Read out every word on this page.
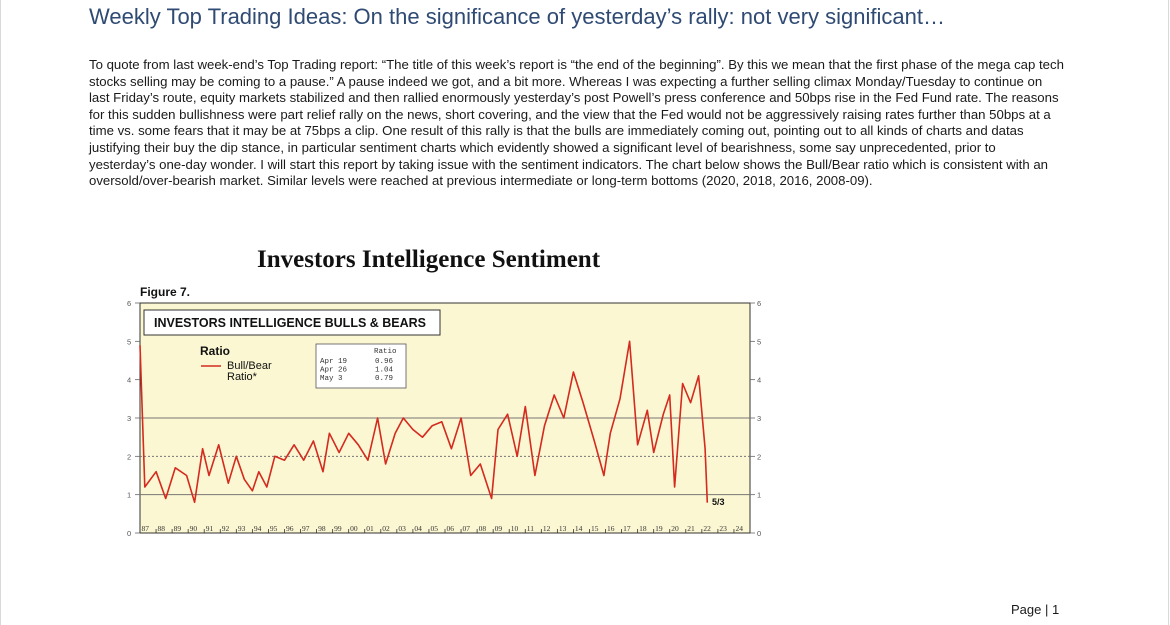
Weekly Top Trading Ideas: On the significance of yesterday’s rally: not very significant…
To quote from last week-end’s Top Trading report: “The title of this week’s report is “the end of the beginning”. By this we mean that the first phase of the mega cap tech stocks selling may be coming to a pause.” A pause indeed we got, and a bit more. Whereas I was expecting a further selling climax Monday/Tuesday to continue on last Friday’s route, equity markets stabilized and then rallied enormously yesterday’s post Powell’s press conference and 50bps rise in the Fed Fund rate. The reasons for this sudden bullishness were part relief rally on the news, short covering, and the view that the Fed would not be aggressively raising rates further than 50bps at a time vs. some fears that it may be at 75bps a clip. One result of this rally is that the bulls are immediately coming out, pointing out to all kinds of charts and datas justifying their buy the dip stance, in particular sentiment charts which evidently showed a significant level of bearishness, some say unprecedented, prior to yesterday’s one-day wonder. I will start this report by taking issue with the sentiment indicators. The chart below shows the Bull/Bear ratio which is consistent with an oversold/over-bearish market. Similar levels were reached at previous intermediate or long-term bottoms (2020, 2018, 2016, 2008-09).
Investors Intelligence Sentiment
Figure 7.
0
1
2
3
4
5
6
0
1
2
3
4
5
6
87 88 89 90 91 92 93 94 95 96 97 98 99 00 01 02 03 04 05 06 07 08 09 10 11 12 13 14 15 16 17 18 19 20 21 22 23 24
INVESTORS INTELLIGENCE BULLS & BEARS
Ratio
Bull/Bear Ratio*
Ratio
Apr 19	0.96
Apr 26	1.04
May 3	0.79
5/3
Page | 1
